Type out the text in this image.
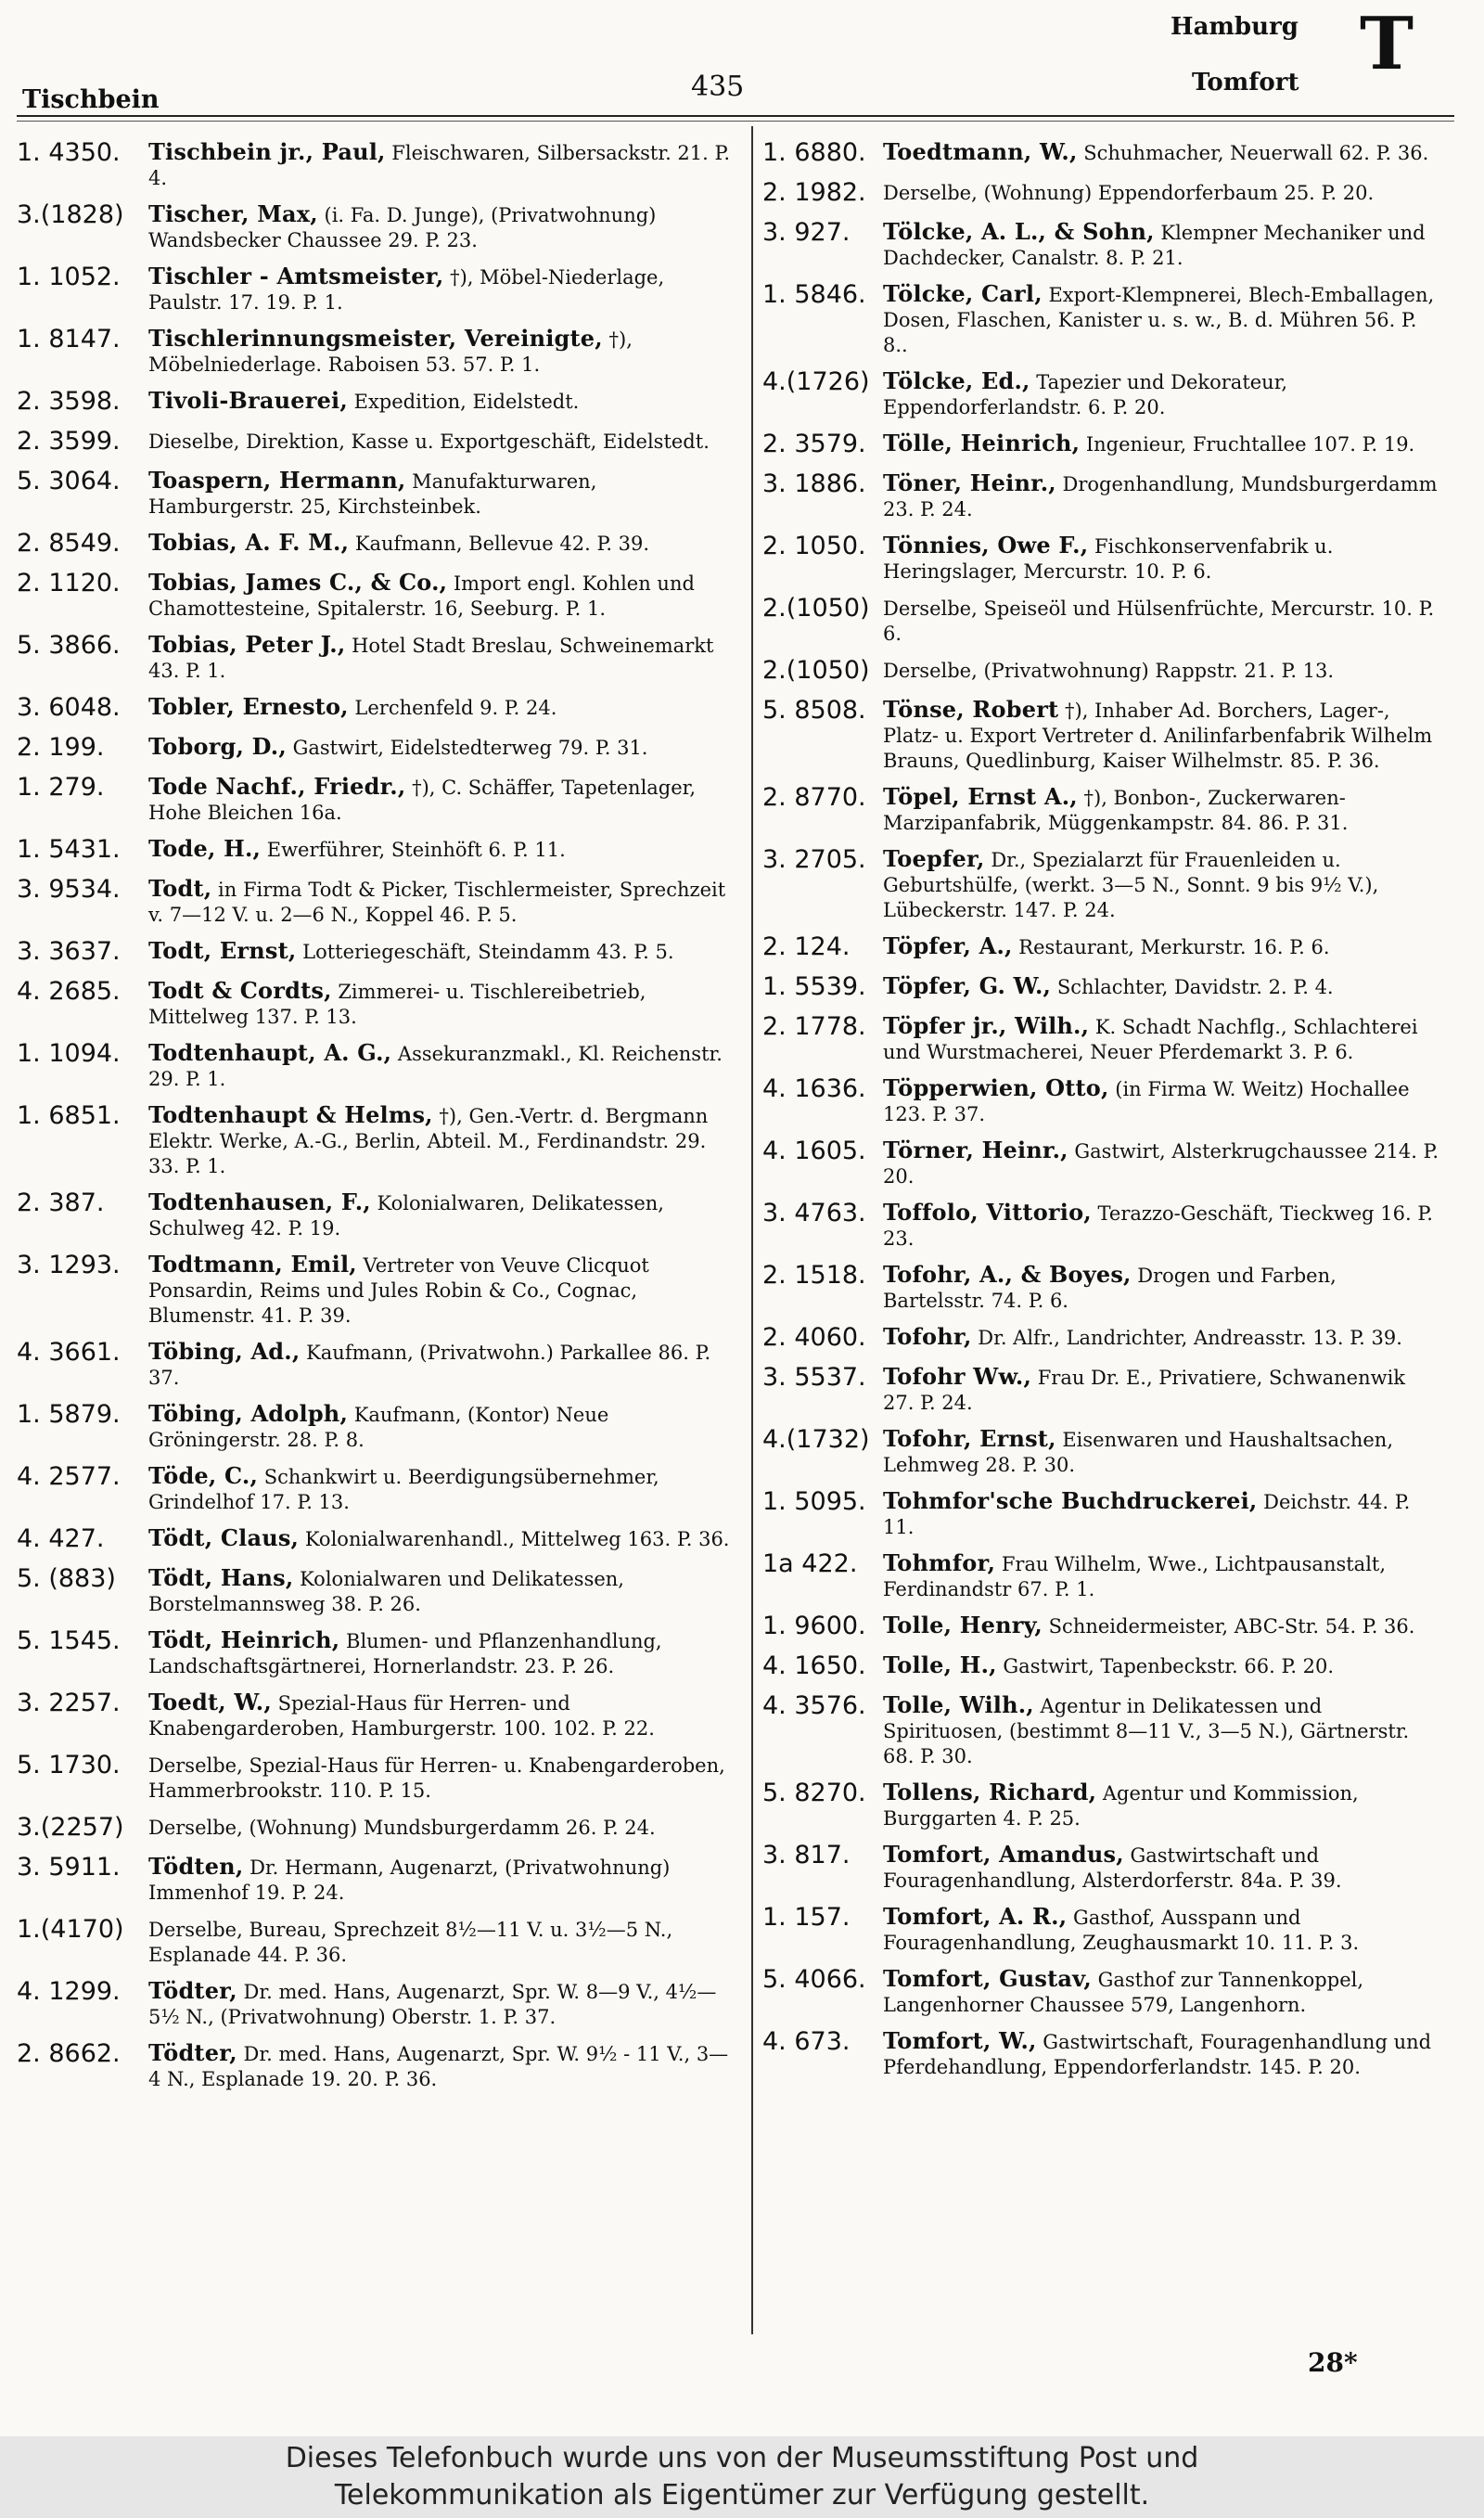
Tischbein	435
Hamburg
Tomfort T
1. 4350.	Tischbein jr., Paul, Fleischwaren, Silbersackstr. 21. P. 4.
3.(1828)	Tischer, Max, (i. Fa. D. Junge), (Privatwohnung) Wandsbecker Chaussee 29. P. 23.
1. 1052.	Tischler - Amtsmeister, †), Möbel-Niederlage, Paulstr. 17. 19. P. 1.
1. 8147.	Tischlerinnungsmeister, Vereinigte, †), Möbelniederlage. Raboisen 53. 57. P. 1.
2. 3598.	Tivoli-Brauerei, Expedition, Eidelstedt.
2. 3599.	Dieselbe, Direktion, Kasse u. Exportgeschäft, Eidelstedt.
5. 3064.	Toaspern, Hermann, Manufakturwaren, Hamburgerstr. 25, Kirchsteinbek.
2. 8549.	Tobias, A. F. M., Kaufmann, Bellevue 42. P. 39.
2. 1120.	Tobias, James C., & Co., Import engl. Kohlen und Chamottesteine, Spitalerstr. 16, Seeburg. P. 1.
5. 3866.	Tobias, Peter J., Hotel Stadt Breslau, Schweinemarkt 43. P. 1.
3. 6048.	Tobler, Ernesto, Lerchenfeld 9. P. 24.
2. 199.	Toborg, D., Gastwirt, Eidelstedterweg 79. P. 31.
1. 279.	Tode Nachf., Friedr., †), C. Schäffer, Tapetenlager, Hohe Bleichen 16a.
1. 5431.	Tode, H., Ewerführer, Steinhöft 6. P. 11.
3. 9534.	Todt, in Firma Todt & Picker, Tischlermeister, Sprechzeit v. 7—12 V. u. 2—6 N., Koppel 46. P. 5.
3. 3637.	Todt, Ernst, Lotteriegeschäft, Steindamm 43. P. 5.
4. 2685.	Todt & Cordts, Zimmerei- u. Tischlereibetrieb, Mittelweg 137. P. 13.
1. 1094.	Todtenhaupt, A. G., Assekuranzmakl., Kl. Reichenstr. 29. P. 1.
1. 6851.	Todtenhaupt & Helms, †), Gen.-Vertr. d. Bergmann Elektr. Werke, A.-G., Berlin, Abteil. M., Ferdinandstr. 29. 33. P. 1.
2. 387.	Todtenhausen, F., Kolonialwaren, Delikatessen, Schulweg 42. P. 19.
3. 1293.	Todtmann, Emil, Vertreter von Veuve Clicquot Ponsardin, Reims und Jules Robin & Co., Cognac, Blumenstr. 41. P. 39.
4. 3661.	Töbing, Ad., Kaufmann, (Privatwohn.) Parkallee 86. P. 37.
1. 5879.	Töbing, Adolph, Kaufmann, (Kontor) Neue Gröningerstr. 28. P. 8.
4. 2577.	Töde, C., Schankwirt u. Beerdigungsübernehmer, Grindelhof 17. P. 13.
4. 427.	Tödt, Claus, Kolonialwarenhandl., Mittelweg 163. P. 36.
5. (883)	Tödt, Hans, Kolonialwaren und Delikatessen, Borstelmannsweg 38. P. 26.
5. 1545.	Tödt, Heinrich, Blumen- und Pflanzenhandlung, Landschaftsgärtnerei, Hornerlandstr. 23. P. 26.
3. 2257.	Toedt, W., Spezial-Haus für Herren- und Knabengarderoben, Hamburgerstr. 100. 102. P. 22.
5. 1730.	Derselbe, Spezial-Haus für Herren- u. Knabengarderoben, Hammerbrookstr. 110. P. 15.
3.(2257)	Derselbe, (Wohnung) Mundsburgerdamm 26. P. 24.
3. 5911.	Tödten, Dr. Hermann, Augenarzt, (Privatwohnung) Immenhof 19. P. 24.
1.(4170)	Derselbe, Bureau, Sprechzeit 8½—11 V. u. 3½—5 N., Esplanade 44. P. 36.
4. 1299.	Tödter, Dr. med. Hans, Augenarzt, Spr. W. 8—9 V., 4½—5½ N., (Privatwohnung) Oberstr. 1. P. 37.
2. 8662.	Tödter, Dr. med. Hans, Augenarzt, Spr. W. 9½ - 11 V., 3—4 N., Esplanade 19. 20. P. 36.
1. 6880. Toedtmann, W., Schuhmacher, Neuerwall 62. P. 36.
2. 1982. Derselbe, (Wohnung) Eppendorferbaum 25. P. 20.
3. 927.	Tölcke, A. L., & Sohn, Klempner Mechaniker und Dachdecker, Canalstr. 8. P. 21.
1. 5846. Tölcke, Carl, Export-Klempnerei, Blech-Emballagen, Dosen, Flaschen, Kanister u. s. w., B. d. Mühren 56. P. 8..
4.(1726) Tölcke, Ed., Tapezier und Dekorateur, Eppendorferlandstr. 6. P. 20.
2. 3579. Tölle, Heinrich, Ingenieur, Fruchtallee 107. P. 19.
3. 1886. Töner, Heinr., Drogenhandlung, Mundsburgerdamm 23. P. 24.
2. 1050. Tönnies, Owe F., Fischkonservenfabrik u. Heringslager, Mercurstr. 10. P. 6.
2.(1050) Derselbe, Speiseöl und Hülsenfrüchte, Mercurstr. 10. P. 6.
2.(1050) Derselbe, (Privatwohnung) Rappstr. 21. P. 13.
5. 8508. Tönse, Robert †), Inhaber Ad. Borchers, Lager-, Platz- u. Export Vertreter d. Anilinfarbenfabrik Wilhelm Brauns, Quedlinburg, Kaiser Wilhelmstr. 85. P. 36.
2. 8770. Töpel, Ernst A., †), Bonbon-, Zuckerwaren-Marzipanfabrik, Müggenkampstr. 84. 86. P. 31.
3. 2705. Toepfer, Dr., Spezialarzt für Frauenleiden u. Geburtshülfe, (werkt. 3—5 N., Sonnt. 9 bis 9½ V.), Lübeckerstr. 147. P. 24.
2. 124.	Töpfer, A., Restaurant, Merkurstr. 16. P. 6.
1. 5539. Töpfer, G. W., Schlachter, Davidstr. 2. P. 4.
2. 1778. Töpfer jr., Wilh., K. Schadt Nachflg., Schlachterei und Wurstmacherei, Neuer Pferdemarkt 3. P. 6.
4. 1636. Töpperwien, Otto, (in Firma W. Weitz) Hochallee 123. P. 37.
4. 1605. Törner, Heinr., Gastwirt, Alsterkrugchaussee 214. P. 20.
3. 4763. Toffolo, Vittorio, Terazzo-Geschäft, Tieckweg 16. P. 23.
2. 1518. Tofohr, A., & Boyes, Drogen und Farben, Bartelsstr. 74. P. 6.
2. 4060. Tofohr, Dr. Alfr., Landrichter, Andreasstr. 13. P. 39.
3. 5537. Tofohr Ww., Frau Dr. E., Privatiere, Schwanenwik 27. P. 24.
4.(1732) Tofohr, Ernst, Eisenwaren und Haushaltsachen, Lehmweg 28. P. 30.
1. 5095. Tohmfor'sche Buchdruckerei, Deichstr. 44. P. 11.
1a 422.	Tohmfor, Frau Wilhelm, Wwe., Lichtpausanstalt, Ferdinandstr 67. P. 1.
1. 9600. Tolle, Henry, Schneidermeister, ABC-Str. 54. P. 36.
4. 1650. Tolle, H., Gastwirt, Tapenbeckstr. 66. P. 20.
4. 3576. Tolle, Wilh., Agentur in Delikatessen und Spirituosen, (bestimmt 8—11 V., 3—5 N.), Gärtnerstr. 68. P. 30.
5. 8270. Tollens, Richard, Agentur und Kommission, Burggarten 4. P. 25.
3. 817.	Tomfort, Amandus, Gastwirtschaft und Fouragenhandlung, Alsterdorferstr. 84a. P. 39.
1. 157.	Tomfort, A. R., Gasthof, Ausspann und Fouragenhandlung, Zeughausmarkt 10. 11. P. 3.
5. 4066. Tomfort, Gustav, Gasthof zur Tannenkoppel, Langenhorner Chaussee 579, Langenhorn.
4. 673.	Tomfort, W., Gastwirtschaft, Fouragenhandlung und Pferdehandlung, Eppendorferlandstr. 145. P. 20.
28*
Dieses Telefonbuch wurde uns von der Museumsstiftung Post und
Telekommunikation als Eigentümer zur Verfügung gestellt.
